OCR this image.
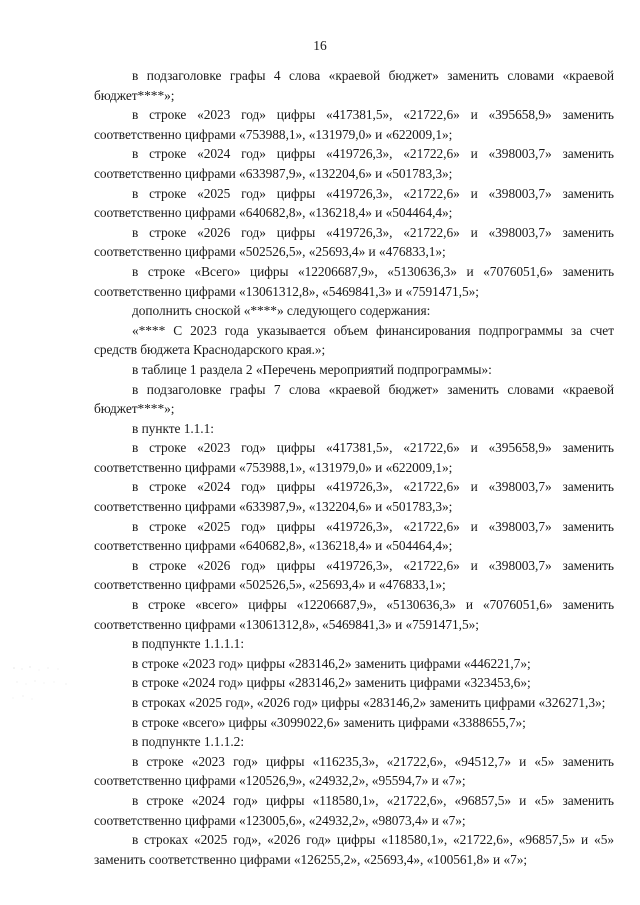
16

в подзаголовке графы 4 слова «краевой бюджет» заменить словами «краевой бюджет****»;

в строке «2023 год» цифры «417381,5», «21722,6» и «395658,9» заменить соответственно цифрами «753988,1», «131979,0» и «622009,1»;

в строке «2024 год» цифры «419726,3», «21722,6» и «398003,7» заменить соответственно цифрами «633987,9», «132204,6» и «501783,3»;

в строке «2025 год» цифры «419726,3», «21722,6» и «398003,7» заменить соответственно цифрами «640682,8», «136218,4» и «504464,4»;

в строке «2026 год» цифры «419726,3», «21722,6» и «398003,7» заменить соответственно цифрами «502526,5», «25693,4» и «476833,1»;

в строке «Всего» цифры «12206687,9», «5130636,3» и «7076051,6» заменить соответственно цифрами «13061312,8», «5469841,3» и «7591471,5»;

дополнить сноской «****» следующего содержания:

«**** С 2023 года указывается объем финансирования подпрограммы за счет средств бюджета Краснодарского края.»;

в таблице 1 раздела 2 «Перечень мероприятий подпрограммы»:

в подзаголовке графы 7 слова «краевой бюджет» заменить словами «краевой бюджет****»;

в пункте 1.1.1:

в строке «2023 год» цифры «417381,5», «21722,6» и «395658,9» заменить соответственно цифрами «753988,1», «131979,0» и «622009,1»;

в строке «2024 год» цифры «419726,3», «21722,6» и «398003,7» заменить соответственно цифрами «633987,9», «132204,6» и «501783,3»;

в строке «2025 год» цифры «419726,3», «21722,6» и «398003,7» заменить соответственно цифрами «640682,8», «136218,4» и «504464,4»;

в строке «2026 год» цифры «419726,3», «21722,6» и «398003,7» заменить соответственно цифрами «502526,5», «25693,4» и «476833,1»;

в строке «всего» цифры «12206687,9», «5130636,3» и «7076051,6» заменить соответственно цифрами «13061312,8», «5469841,3» и «7591471,5»;

в подпункте 1.1.1.1:

в строке «2023 год» цифры «283146,2» заменить цифрами «446221,7»;

в строке «2024 год» цифры «283146,2» заменить цифрами «323453,6»;

в строках «2025 год», «2026 год» цифры «283146,2» заменить цифрами «326271,3»;

в строке «всего» цифры «3099022,6» заменить цифрами «3388655,7»;

в подпункте 1.1.1.2:

в строке «2023 год» цифры «116235,3», «21722,6», «94512,7» и «5» заменить соответственно цифрами «120526,9», «24932,2», «95594,7» и «7»;

в строке «2024 год» цифры «118580,1», «21722,6», «96857,5» и «5» заменить соответственно цифрами «123005,6», «24932,2», «98073,4» и «7»;

в строках «2025 год», «2026 год» цифры «118580,1», «21722,6», «96857,5» и «5» заменить соответственно цифрами «126255,2», «25693,4», «100561,8» и «7»;
